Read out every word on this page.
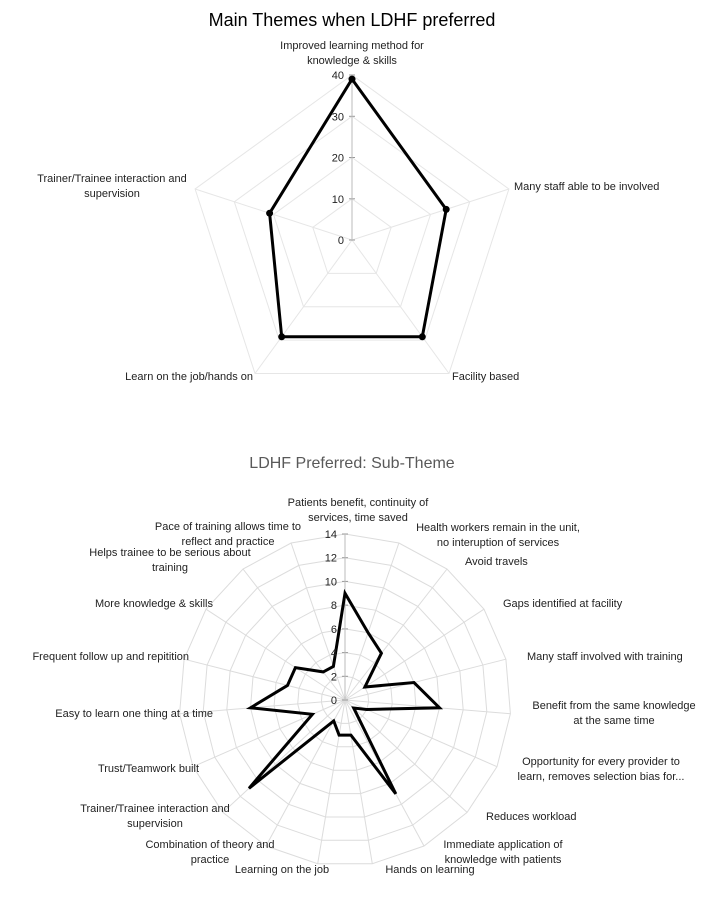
Main Themes when LDHF preferred
LDHF Preferred: Sub-Theme
0
10
20
30
40
Improved learning method for knowledge & skills
Many staff able to be involved
Facility based
Learn on the job/hands on
Trainer/Trainee interaction and supervision
0
2
4
6
8
10
12
14
Patients benefit, continuity of services, time saved
Health workers remain in the unit, no interuption of services
Avoid travels
Gaps identified at facility
Many staff involved with training
Benefit from the same knowledge at the same time
Opportunity for every provider to learn, removes selection bias for...
Reduces workload
Immediate application of knowledge with patients
Hands on learning
Learning on the job
Combination of theory and practice
Trainer/Trainee interaction and supervision
Trust/Teamwork built
Easy to learn one thing at a time
Frequent follow up and repitition
More knowledge & skills
Helps trainee to be serious about training
Pace of training allows time to reflect and practice
